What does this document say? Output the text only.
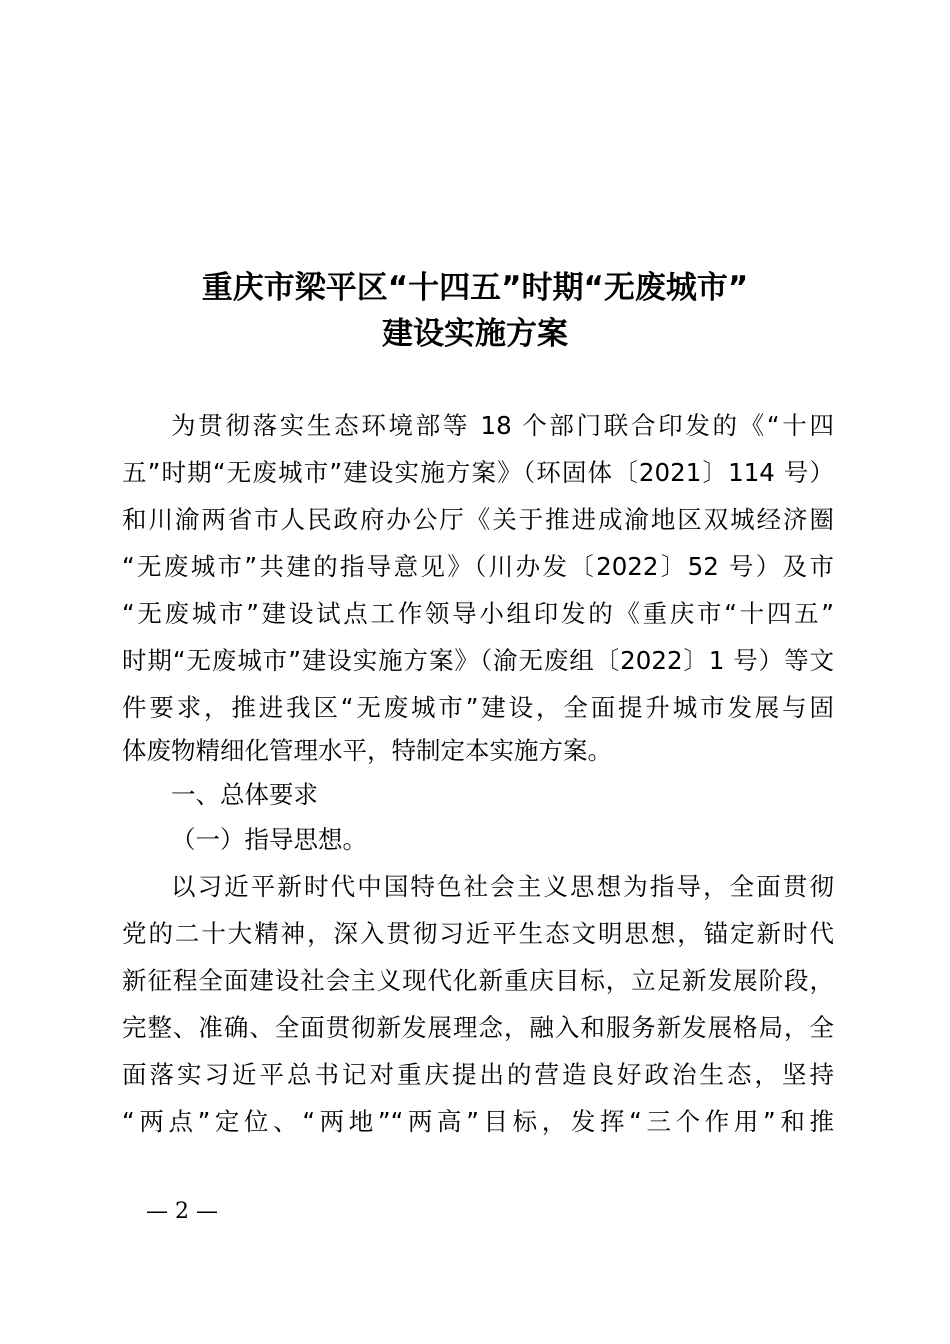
重庆市梁平区“十四五”时期“无废城市”
建设实施方案
为贯彻落实生态环境部等 18 个部门联合印发的《“十四
五”时期“无废城市”建设实施方案》（环固体〔2021〕114 号）
和川渝两省市人民政府办公厅《关于推进成渝地区双城经济圈
“无废城市”共建的指导意见》（川办发〔2022〕52 号）及市
“无废城市”建设试点工作领导小组印发的《重庆市“十四五”
时期“无废城市”建设实施方案》（渝无废组〔2022〕1 号）等文
件要求，推进我区“无废城市”建设，全面提升城市发展与固
体废物精细化管理水平，特制定本实施方案。
一、总体要求
（一）指导思想。
以习近平新时代中国特色社会主义思想为指导，全面贯彻
党的二十大精神，深入贯彻习近平生态文明思想，锚定新时代
新征程全面建设社会主义现代化新重庆目标，立足新发展阶段，
完整、准确、全面贯彻新发展理念，融入和服务新发展格局，全
面落实习近平总书记对重庆提出的营造良好政治生态，坚持
“两点”定位、“两地”“两高”目标，发挥“三个作用”和推
— 2 —
